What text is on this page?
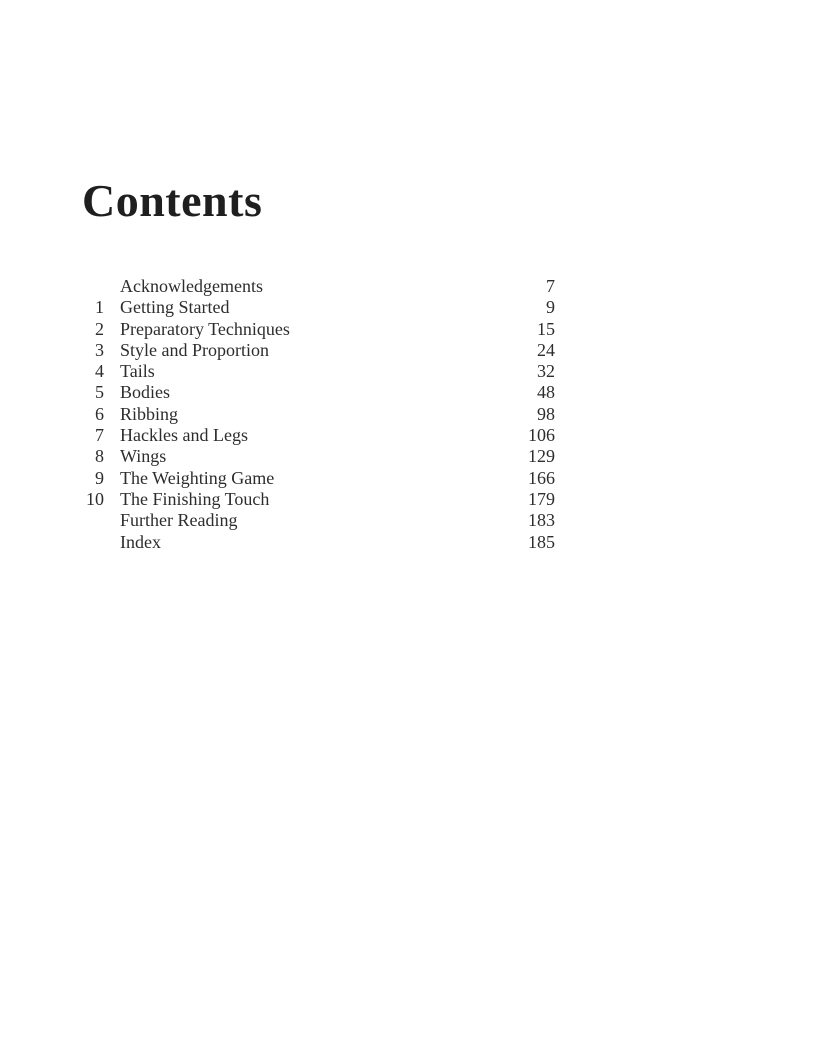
Contents
Acknowledgements	7
1 Getting Started	9
2 Preparatory Techniques	15
3 Style and Proportion	24
4 Tails	32
5 Bodies	48
6 Ribbing	98
7 Hackles and Legs	106
8 Wings	129
9 The Weighting Game	166
10 The Finishing Touch	179
Further Reading	183
Index	185
